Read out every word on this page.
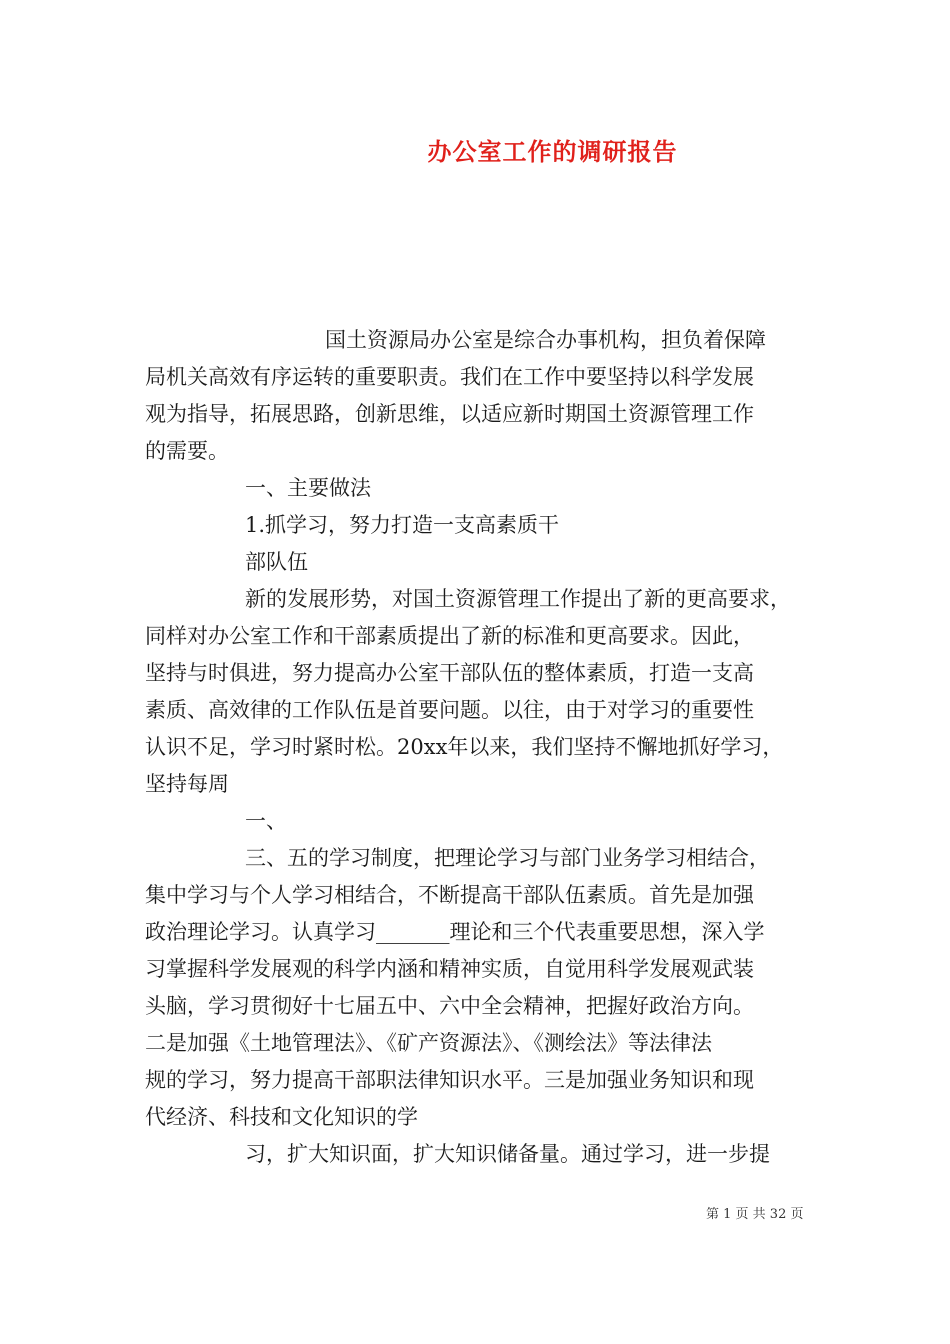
办公室工作的调研报告
国土资源局办公室是综合办事机构，担负着保障
局机关高效有序运转的重要职责。我们在工作中要坚持以科学发展
观为指导，拓展思路，创新思维，以适应新时期国土资源管理工作
的需要。
一、主要做法
1.抓学习，努力打造一支高素质干
部队伍
新的发展形势，对国土资源管理工作提出了新的更高要求，
同样对办公室工作和干部素质提出了新的标准和更高要求。因此，
坚持与时俱进，努力提高办公室干部队伍的整体素质，打造一支高
素质、高效律的工作队伍是首要问题。以往，由于对学习的重要性
认识不足，学习时紧时松。20xx年以来，我们坚持不懈地抓好学习，
坚持每周
一、
三、五的学习制度，把理论学习与部门业务学习相结合，
集中学习与个人学习相结合，不断提高干部队伍素质。首先是加强
政治理论学习。认真学习_______理论和三个代表重要思想，深入学
习掌握科学发展观的科学内涵和精神实质，自觉用科学发展观武装
头脑，学习贯彻好十七届五中、六中全会精神，把握好政治方向。
二是加强《土地管理法》、《矿产资源法》、《测绘法》等法律法
规的学习，努力提高干部职法律知识水平。三是加强业务知识和现
代经济、科技和文化知识的学
习，扩大知识面，扩大知识储备量。通过学习，进一步提
第 1 页 共 32 页
